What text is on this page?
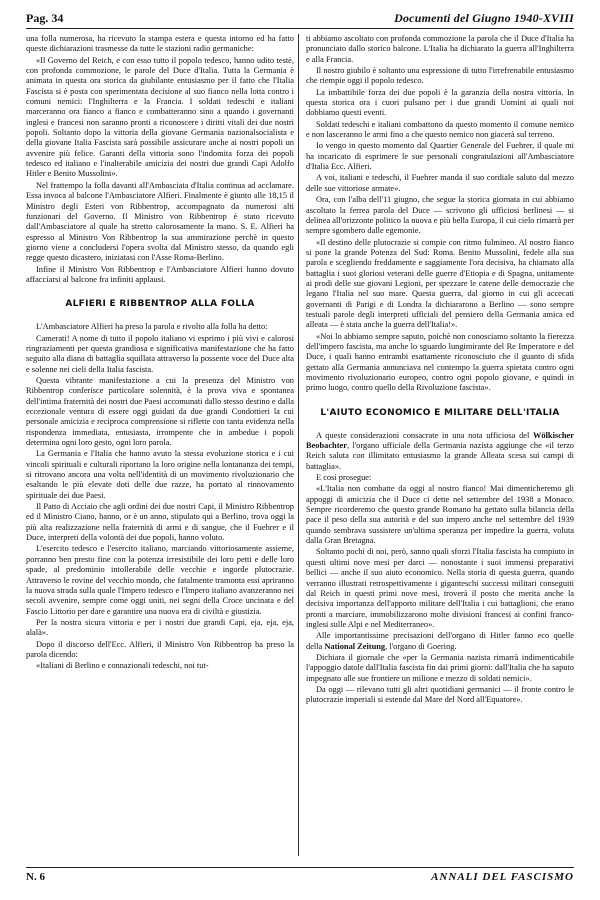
Pag. 34	Documenti del Giugno 1940-XVIII

una folla numerosa, ha ricevuto la stampa estera e questa intorno ed ha fatto queste dichiarazioni trasmesse da tutte le stazioni radio germaniche:

«Il Governo del Reich, e con esso tutto il popolo tedesco, hanno udito testè, con profonda commozione, le parole del Duce d'Italia. Tutta la Germania è animata in questa ora storica da giubilante entusiasmo per il fatto che l'Italia Fascista si è posta con sperimentata decisione al suo fianco nella lotta contro i comuni nemici: l'Inghilterra e la Francia. I soldati tedeschi e italiani marceranno ora fianco a fianco e combatteranno sino a quando i governanti inglesi e francesi non saranno pronti a riconoscere i diritti vitali dei due nostri popoli. Soltanto dopo la vittoria della giovane Germania nazionalsocialista e della giovane Italia Fascista sarà possibile assicurare anche ai nostri popoli un avvenire più felice. Garanti della vittoria sono l'indomita forza dei popoli tedesco ed italiano e l'inalterabile amicizia dei nostri due grandi Capi Adolfo Hitler e Benito Mussolini».

Nel frattempo la folla davanti all'Ambasciata d'Italia continua ad acclamare. Essa invoca al balcone l'Ambasciatore Alfieri. Finalmente è giunto alle 18,15 il Ministro degli Esteri von Ribbentrop, accompagnato da numerosi alti funzionari del Governo. Il Ministro von Ribbentrop è stato ricevuto dall'Ambasciatore al quale ha stretto calorosamente la mano. S. E. Alfieri ha espresso al Ministro Von Ribbentrop la sua ammirazione perchè in questo giorno viene a concludersi l'opera svolta dal Ministro stesso, da quando egli regge questo dicastero, iniziatasi con l'Asse Roma-Berlino.

Infine il Ministro Von Ribbentrop e l'Ambasciatore Alfieri hanno dovuto affacciarsi al balcone fra infiniti applausi.

ALFIERI E RIBBENTROP ALLA FOLLA

L'Ambasciatore Alfieri ha preso la parola e rivolto alla folla ha detto:

Camerati! A nome di tutto il popolo italiano vi esprimo i più vivi e calorosi ringraziamenti per questa grandiosa e significativa manifestazione che ha fatto seguito alla diana di battaglia squillata attraverso la possente voce del Duce alta e solenne nei cieli della Italia fascista.

Questa vibrante manifestazione a cui la presenza del Ministro von Ribbentrop conferisce particolare solennità, è la prova viva e spontanea dell'intima fraternità dei nostri due Paesi accomunati dallo stesso destino e dalla eccezionale ventura di essere oggi guidati da due grandi Condottieri la cui personale amicizia e reciproca comprensione si riflette con tanta evidenza nella rispondenza immediata, entusiasta, irrompente che in ambedue i popoli determina ogni loro gesto, ogni loro parola.

La Germania e l'Italia che hanno avuto la stessa evoluzione storica e i cui vincoli spirituali e culturali riportano la loro origine nella lontananza dei tempi, si ritrovano ancora una volta nell'identità di un movimento rivoluzionario che esaltando le più elevate doti delle due razze, ha portato al rinnovamento spirituale dei due Paesi.

Il Patto di Acciaio che agli ordini dei due nostri Capi, il Ministro Ribbentrop ed il Ministro Ciano, hanno, or è un anno, stipulato qui a Berlino, trova oggi la più alta realizzazione nella fraternità di armi e di sangue, che il Fuehrer e il Duce, interpreti della volontà dei due popoli, hanno voluto.

L'esercito tedesco e l'esercito italiano, marciando vittoriosamente assieme, porranno ben presto fine con la potenza irresistibile dei loro petti e delle loro spade, al predominio intollerabile delle vecchie e ingorde plutocrazie. Attraverso le rovine del vecchio mondo, che fatalmente tramonta essi apriranno la nuova strada sulla quale l'Impero tedesco e l'Impero italiano avanzeranno nei secoli avvenire, sempre come oggi uniti, nei segni della Croce uncinata e del Fascio Littorio per dare e garantire una nuova era di civiltà e giustizia.

Per la nostra sicura vittoria e per i nostri due grandi Capi, eja, eja, eja, alalà».

Dopo il discorso dell'Ecc. Alfieri, il Ministro Von Ribbentrop ha preso la parola dicendo:

«Italiani di Berlino e connazionali tedeschi, noi tut-

ti abbiamo ascoltato con profonda commozione la parola che il Duce d'Italia ha pronunciato dallo storico balcone. L'Italia ha dichiarato la guerra all'Inghilterra e alla Francia.

Il nostro giubilo è soltanto una espressione di tutto l'irrefrenabile entusiasmo che riempie oggi il popolo tedesco.

La imbattibile forza dei due popoli è la garanzia della nostra vittoria. In questa storica ora i cuori pulsano per i due grandi Uomini ai quali noi dobbiamo questi eventi.

Soldati tedeschi e italiani combattono da questo momento il comune nemico e non lasceranno le armi fino a che questo nemico non giacerà sul terreno.

Io vengo in questo momento dal Quartier Generale del Fuehrer, il quale mi ha incaricato di esprimere le sue personali congratulazioni all'Ambasciatore d'Italia Ecc. Alfieri.

A voi, italiani e tedeschi, il Fuehrer manda il suo cordiale saluto dal mezzo delle sue vittoriose armate».

Ora, con l'alba dell'11 giugno, che segue la storica giornata in cui abbiamo ascoltato la ferrea parola del Duce — scrivono gli ufficiosi berlinesi — si delinea all'orizzonte politico la nuova e più bella Europa, il cui cielo rimarrà per sempre sgombero dalle egemonie.

«Il destino delle plutocrazie si compie con ritmo fulmineo. Al nostro fianco si pone la grande Potenza del Sud: Roma. Benito Mussolini, fedele alla sua parola e scegliendo freddamente e saggiamente l'ora decisiva, ha chiamato alla battaglia i suoi gloriosi veterani delle guerre d'Etiopia e di Spagna, unitamente ai prodi delle sue giovani Legioni, per spezzare le catene delle democrazie che legano l'Italia nel suo mare. Questa guerra, dal giorno in cui gli accecati governanti di Parigi e di Londra la dichiararono a Berlino — sono sempre testuali parole degli interpreti ufficiali del pensiero della Germania amica ed alleata — è stata anche la guerra dell'Italia!».

«Noi lo abbiamo sempre saputo, poichè non conosciamo soltanto la fierezza dell'impero fascista, ma anche lo sguardo lungimirante del Re Imperatore e del Duce, i quali hanno entrambi esattamente riconosciuto che il guanto di sfida gettato alla Germania annunciava nel contempo la guerra spietata contro ogni movimento rivoluzionario europeo, contro ogni popolo giovane, e quindi in primo luogo, contro quello della Rivoluzione fascista».

L'AIUTO ECONOMICO E MILITARE DELL'ITALIA

A queste considerazioni consacrate in una nota ufficiosa del Wölkischer Beobachter, l'organo ufficiale della Germania nazista aggiunge che «il terzo Reich saluta con illimitato entusiasmo la grande Alleata scesa sui campi di battaglia».

E così prosegue:

«L'Italia non combatte da oggi al nostro fianco! Mai dimenticheremo gli appoggi di amicizia che il Duce ci dette nel settembre del 1938 a Monaco. Sempre ricorderemo che questo grande Romano ha gettato sulla bilancia della pace il peso della sua autorità e del suo impero anche nel settembre del 1939 quando sembrava sussistere un'ultima speranza per impedire la guerra, voluta dalla Gran Bretagna.

Soltanto pochi di noi, però, sanno quali sforzi l'Italia fascista ha compiuto in questi ultimi nove mesi per darci — nonostante i suoi immensi preparativi bellici — anche il suo aiuto economico. Nella storia di questa guerra, quando verranno illustrati retrospettivamente i giganteschi successi militari conseguiti dal Reich in questi primi nove mesi, troverà il posto che merita anche la decisiva importanza dell'apporto militare dell'Italia i cui battaglioni, che erano pronti a marciare, immobilizzarono molte divisioni francesi ai confini franco-inglesi sulle Alpi e nel Mediterraneo».

Alle importantissime precisazioni dell'organo di Hitler fanno eco quelle della National Zeitung, l'organo di Goering.

Dichiara il giornale che «per la Germania nazista rimarrà indimenticabile l'appoggio datole dall'Italia fascista fin dai primi giorni: dall'Italia che ha saputo impegnato alle sue frontiere un milione e mezzo di soldati nemici».

Da oggi — rilevano tutti gli altri quotidiani germanici — il fronte contro le plutocrazie imperiali si estende dal Mare del Nord all'Equatore».

N. 6	ANNALI DEL FASCISMO
